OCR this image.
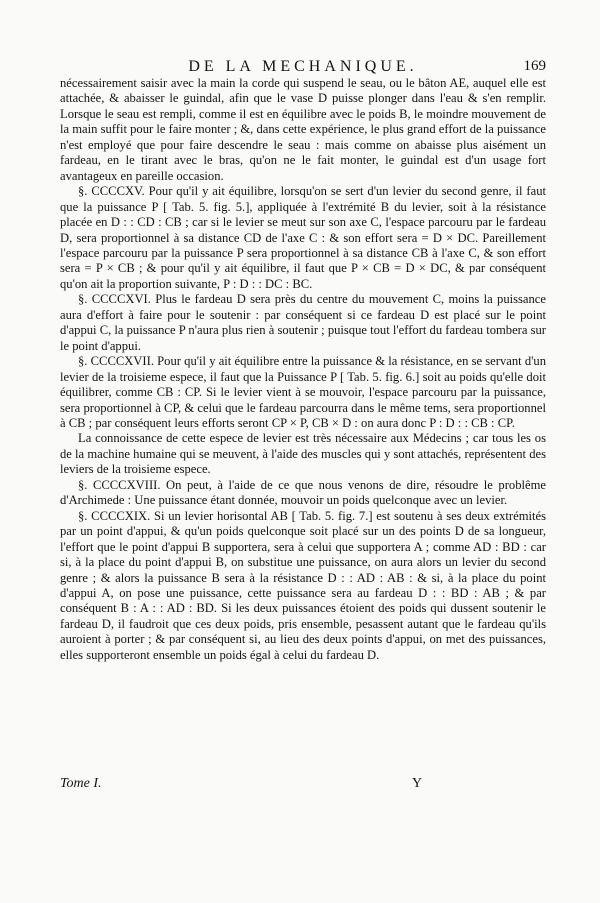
DE LA MECHANIQUE.	169

nécessairement saisir avec la main la corde qui suspend le seau, ou le bâton AE, auquel elle est attachée, & abaisser le guindal, afin que le vase D puisse plonger dans l'eau & s'en remplir. Lorsque le seau est rempli, comme il est en équilibre avec le poids B, le moindre mouvement de la main suffit pour le faire monter ; &, dans cette expérience, le plus grand effort de la puissance n'est employé que pour faire descendre le seau : mais comme on abaisse plus aisément un fardeau, en le tirant avec le bras, qu'on ne le fait monter, le guindal est d'un usage fort avantageux en pareille occasion.

§. CCCCXV. Pour qu'il y ait équilibre, lorsqu'on se sert d'un levier du second genre, il faut que la puissance P [ Tab. 5. fig. 5.], appliquée à l'extrémité B du levier, soit à la résistance placée en D : : CD : CB ; car si le levier se meut sur son axe C, l'espace parcouru par le fardeau D, sera proportionnel à sa distance CD de l'axe C : & son effort sera = D × DC. Pareillement l'espace parcouru par la puissance P sera proportionnel à sa distance CB à l'axe C, & son effort sera = P × CB ; & pour qu'il y ait équilibre, il faut que P × CB = D × DC, & par conséquent qu'on ait la proportion suivante, P : D : : DC : BC.

§. CCCCXVI. Plus le fardeau D sera près du centre du mouvement C, moins la puissance aura d'effort à faire pour le soutenir : par conséquent si ce fardeau D est placé sur le point d'appui C, la puissance P n'aura plus rien à soutenir ; puisque tout l'effort du fardeau tombera sur le point d'appui.

§. CCCCXVII. Pour qu'il y ait équilibre entre la puissance & la résistance, en se servant d'un levier de la troisieme espece, il faut que la Puissance P [ Tab. 5. fig. 6.] soit au poids qu'elle doit équilibrer, comme CB : CP. Si le levier vient à se mouvoir, l'espace parcouru par la puissance, sera proportionnel à CP, & celui que le fardeau parcourra dans le même tems, sera proportionnel à CB ; par conséquent leurs efforts seront CP × P, CB × D : on aura donc P : D : : CB : CP.

La connoissance de cette espece de levier est très nécessaire aux Médecins ; car tous les os de la machine humaine qui se meuvent, à l'aide des muscles qui y sont attachés, représentent des leviers de la troisieme espece.

§. CCCCXVIII. On peut, à l'aide de ce que nous venons de dire, résoudre le problême d'Archimede : Une puissance étant donnée, mouvoir un poids quelconque avec un levier.

§. CCCCXIX. Si un levier horisontal AB [ Tab. 5. fig. 7.] est soutenu à ses deux extrémités par un point d'appui, & qu'un poids quelconque soit placé sur un des points D de sa longueur, l'effort que le point d'appui B supportera, sera à celui que supportera A ; comme AD : BD : car si, à la place du point d'appui B, on substitue une puissance, on aura alors un levier du second genre ; & alors la puissance B sera à la résistance D : : AD : AB : & si, à la place du point d'appui A, on pose une puissance, cette puissance sera au fardeau D : : BD : AB ; & par conséquent B : A : : AD : BD. Si les deux puissances étoient des poids qui dussent soutenir le fardeau D, il faudroit que ces deux poids, pris ensemble, pesassent autant que le fardeau qu'ils auroient à porter ; & par conséquent si, au lieu des deux points d'appui, on met des puissances, elles supporteront ensemble un poids égal à celui du fardeau D.

Tome I.	Y
